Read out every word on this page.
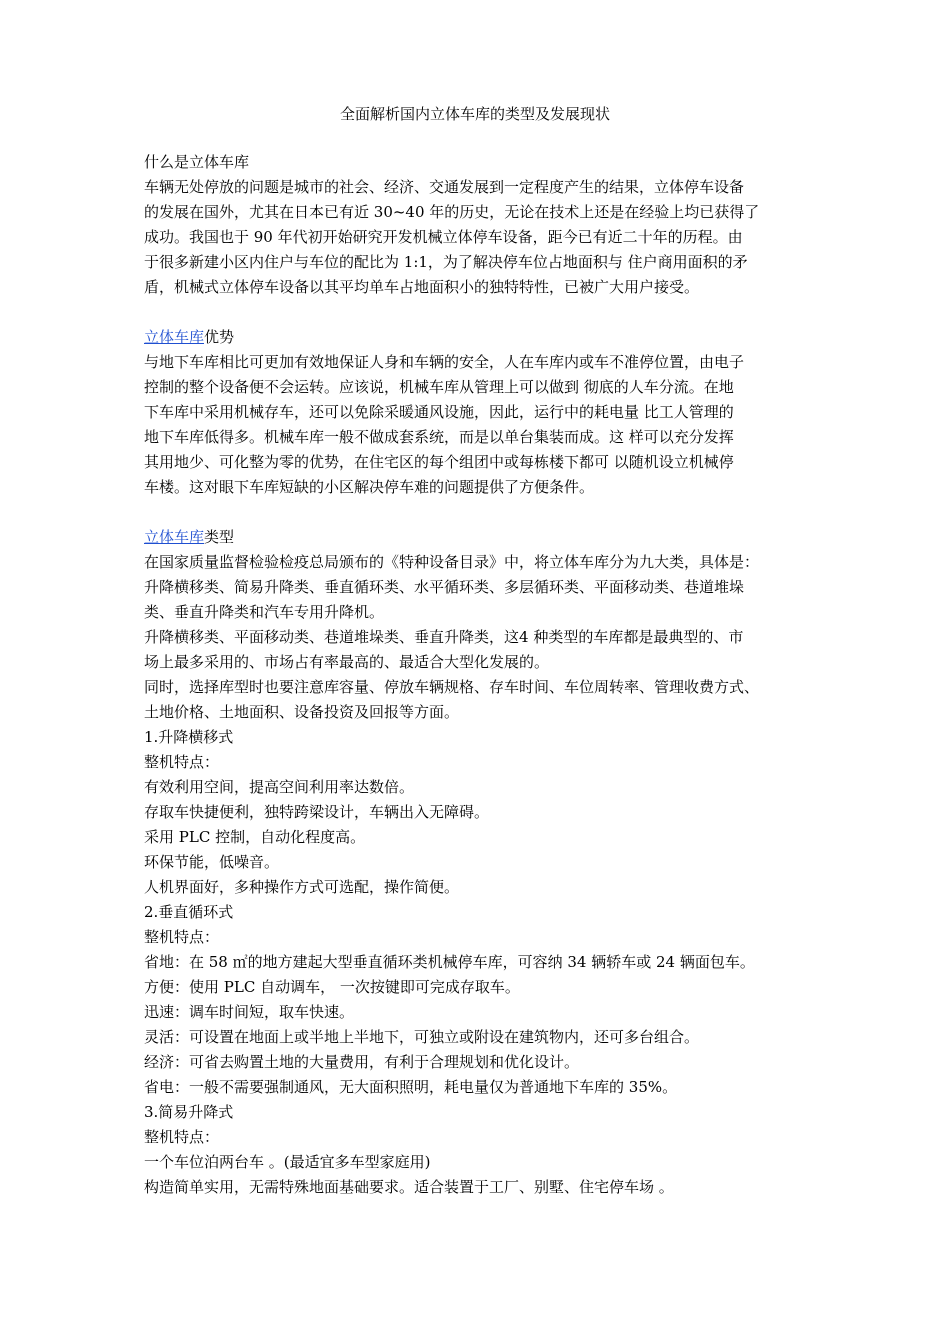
全面解析国内立体车库的类型及发展现状

什么是立体车库

车辆无处停放的问题是城市的社会、经济、交通发展到一定程度产生的结果，立体停车设备

的发展在国外，尤其在日本已有近 30~40 年的历史，无论在技术上还是在经验上均已获得了

成功。我国也于 90 年代初开始研究开发机械立体停车设备，距今已有近二十年的历程。由

于很多新建小区内住户与车位的配比为 1:1，为了解决停车位占地面积与 住户商用面积的矛

盾，机械式立体停车设备以其平均单车占地面积小的独特特性，已被广大用户接受。

立体车库优势

与地下车库相比可更加有效地保证人身和车辆的安全，人在车库内或车不准停位置，由电子

控制的整个设备便不会运转。应该说，机械车库从管理上可以做到 彻底的人车分流。在地

下车库中采用机械存车，还可以免除采暖通风设施，因此，运行中的耗电量 比工人管理的

地下车库低得多。机械车库一般不做成套系统，而是以单台集装而成。这 样可以充分发挥

其用地少、可化整为零的优势，在住宅区的每个组团中或每栋楼下都可 以随机设立机械停

车楼。这对眼下车库短缺的小区解决停车难的问题提供了方便条件。

立体车库类型

在国家质量监督检验检疫总局颁布的《特种设备目录》中，将立体车库分为九大类，具体是：

升降横移类、简易升降类、垂直循环类、水平循环类、多层循环类、平面移动类、巷道堆垛

类、垂直升降类和汽车专用升降机。

升降横移类、平面移动类、巷道堆垛类、垂直升降类，这4 种类型的车库都是最典型的、市

场上最多采用的、市场占有率最高的、最适合大型化发展的。

同时，选择库型时也要注意库容量、停放车辆规格、存车时间、车位周转率、管理收费方式、

土地价格、土地面积、设备投资及回报等方面。

1.升降横移式

整机特点：

有效利用空间，提高空间利用率达数倍。

存取车快捷便利，独特跨梁设计，车辆出入无障碍。

采用 PLC 控制，自动化程度高。

环保节能，低噪音。

人机界面好，多种操作方式可选配，操作简便。

2.垂直循环式

整机特点：

省地：在 58 ㎡的地方建起大型垂直循环类机械停车库，可容纳 34 辆轿车或 24 辆面包车。

方便：使用 PLC 自动调车， 一次按键即可完成存取车。

迅速：调车时间短，取车快速。

灵活：可设置在地面上或半地上半地下，可独立或附设在建筑物内，还可多台组合。

经济：可省去购置土地的大量费用，有利于合理规划和优化设计。

省电：一般不需要强制通风，无大面积照明，耗电量仅为普通地下车库的 35%。

3.简易升降式

整机特点：

一个车位泊两台车 。(最适宜多车型家庭用)

构造简单实用，无需特殊地面基础要求。适合装置于工厂、别墅、住宅停车场 。
